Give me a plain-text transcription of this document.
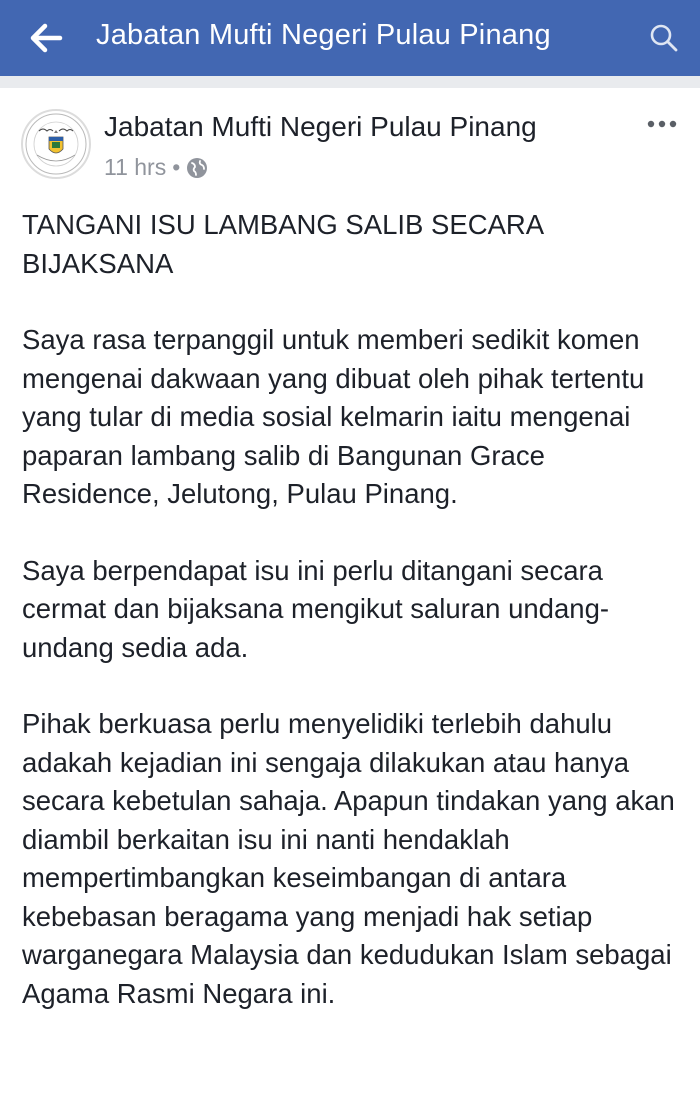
Jabatan Mufti Negeri Pulau Pinang
Jabatan Mufti Negeri Pulau Pinang
11 hrs •

TANGANI ISU LAMBANG SALIB SECARA BIJAKSANA

Saya rasa terpanggil untuk memberi sedikit komen mengenai dakwaan yang dibuat oleh pihak tertentu yang tular di media sosial kelmarin iaitu mengenai paparan lambang salib di Bangunan Grace Residence, Jelutong, Pulau Pinang.

Saya berpendapat isu ini perlu ditangani secara cermat dan bijaksana mengikut saluran undang-undang sedia ada.

Pihak berkuasa perlu menyelidiki terlebih dahulu adakah kejadian ini sengaja dilakukan atau hanya secara kebetulan sahaja. Apapun tindakan yang akan diambil berkaitan isu ini nanti hendaklah mempertimbangkan keseimbangan di antara kebebasan beragama yang menjadi hak setiap warganegara Malaysia dan kedudukan Islam sebagai Agama Rasmi Negara ini.
